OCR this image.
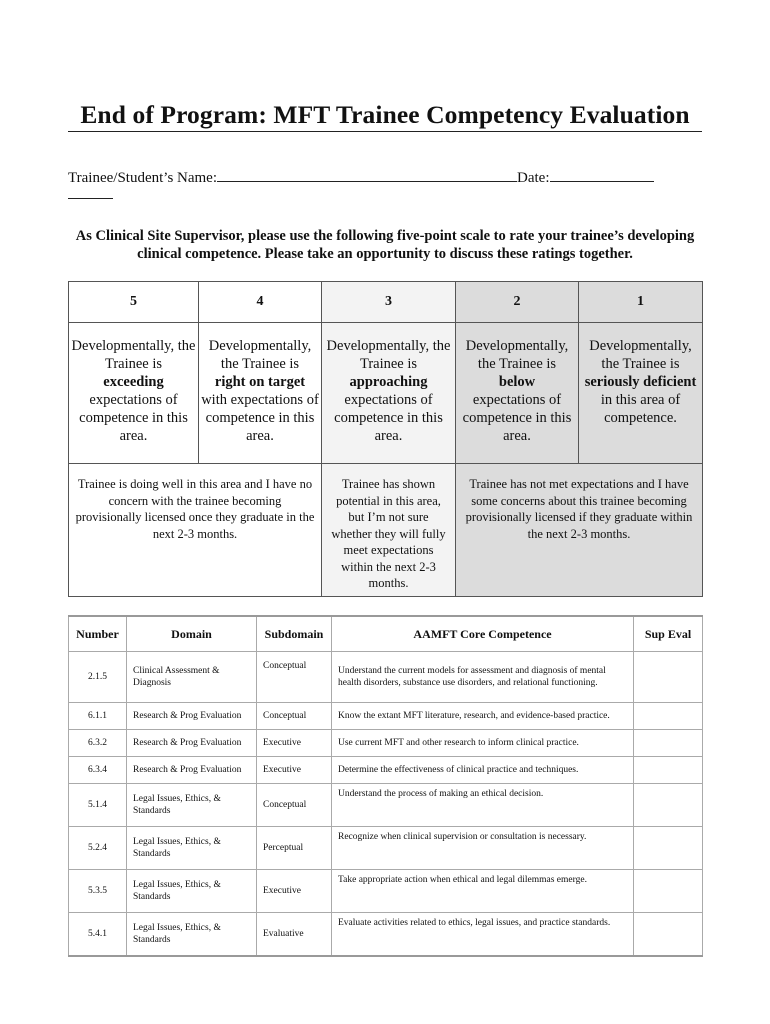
End of Program: MFT Trainee Competency Evaluation
Trainee/Student’s Name:	Date:
As Clinical Site Supervisor, please use the following five-point scale to rate your trainee’s developing clinical competence. Please take an opportunity to discuss these ratings together.
5	4	3	2	1
Developmentally, the Trainee is
exceeding
expectations of competence in this area.	Developmentally, the Trainee is
right on target
with expectations of competence in this area.	Developmentally, the Trainee is
approaching
expectations of competence in this area.	Developmentally, the Trainee is
below
expectations of competence in this area.	Developmentally, the Trainee is
seriously deficient
in this area of competence.

Trainee is doing well in this area and I have no concern with the trainee becoming provisionally licensed once they graduate in the next 2-3 months.		Trainee has shown potential in this area, but I’m not sure whether they will fully meet expectations within the next 2-3 months.	Trainee has not met expectations and I have some concerns about this trainee becoming provisionally licensed if they graduate within the next 2-3 months.	
Number	Domain	Subdomain	AAMFT Core Competence	Sup Eval
2.1.5	Clinical Assessment & Diagnosis	Conceptual	Understand the current models for assessment and diagnosis of mental health disorders, substance use disorders, and relational functioning.	
6.1.1	Research & Prog Evaluation	Conceptual	Know the extant MFT literature, research, and evidence-based practice.	
6.3.2	Research & Prog Evaluation	Executive	Use current MFT and other research to inform clinical practice.	
6.3.4	Research & Prog Evaluation	Executive	Determine the effectiveness of clinical practice and techniques.	
5.1.4	Legal Issues, Ethics, & Standards	Conceptual	Understand the process of making an ethical decision.	
5.2.4	Legal Issues, Ethics, & Standards	Perceptual	Recognize when clinical supervision or consultation is necessary.	
5.3.5	Legal Issues, Ethics, & Standards	Executive	Take appropriate action when ethical and legal dilemmas emerge.	
5.4.1	Legal Issues, Ethics, & Standards	Evaluative	Evaluate activities related to ethics, legal issues, and practice standards.	
